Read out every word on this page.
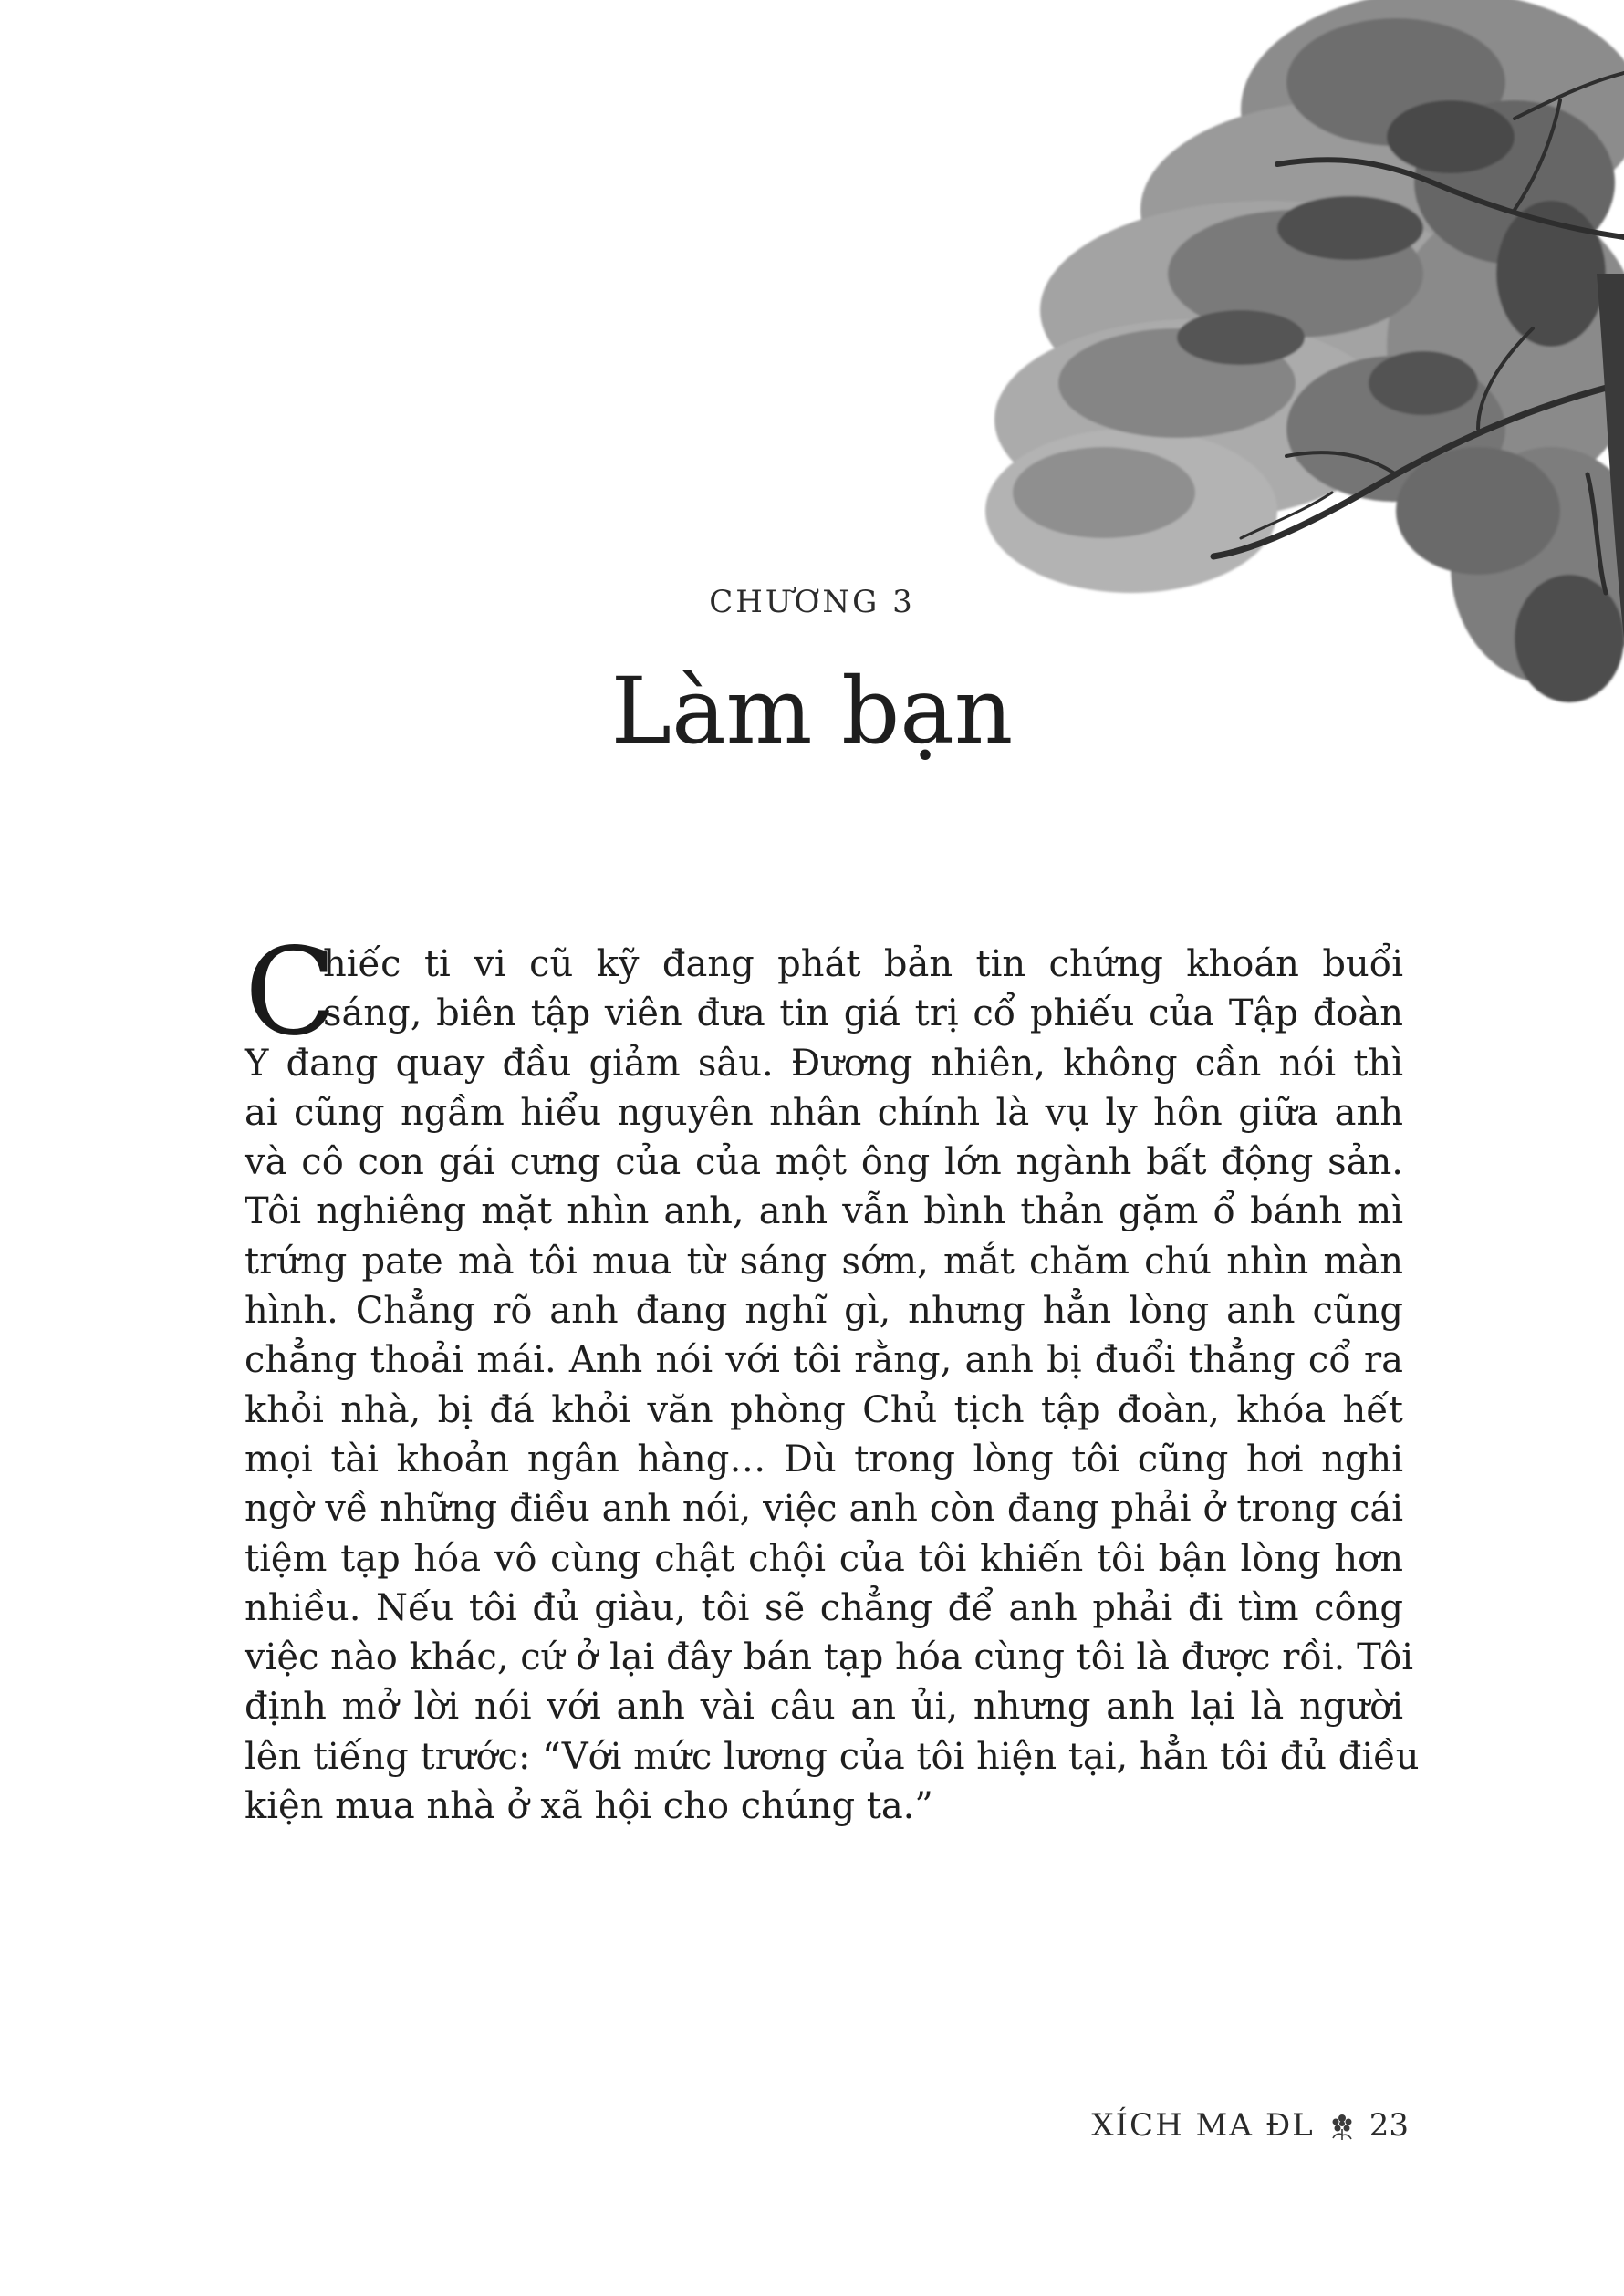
CHƯƠNG 3
Làm bạn
C
hiếc ti vi cũ kỹ đang phát bản tin chứng khoán buổi
sáng, biên tập viên đưa tin giá trị cổ phiếu của Tập đoàn
Y đang quay đầu giảm sâu. Đương nhiên, không cần nói thì
ai cũng ngầm hiểu nguyên nhân chính là vụ ly hôn giữa anh
và cô con gái cưng của của một ông lớn ngành bất động sản.
Tôi nghiêng mặt nhìn anh, anh vẫn bình thản gặm ổ bánh mì
trứng pate mà tôi mua từ sáng sớm, mắt chăm chú nhìn màn
hình. Chẳng rõ anh đang nghĩ gì, nhưng hẳn lòng anh cũng
chẳng thoải mái. Anh nói với tôi rằng, anh bị đuổi thẳng cổ ra
khỏi nhà, bị đá khỏi văn phòng Chủ tịch tập đoàn, khóa hết
mọi tài khoản ngân hàng… Dù trong lòng tôi cũng hơi nghi
ngờ về những điều anh nói, việc anh còn đang phải ở trong cái
tiệm tạp hóa vô cùng chật chội của tôi khiến tôi bận lòng hơn
nhiều. Nếu tôi đủ giàu, tôi sẽ chẳng để anh phải đi tìm công
việc nào khác, cứ ở lại đây bán tạp hóa cùng tôi là được rồi. Tôi
định mở lời nói với anh vài câu an ủi, nhưng anh lại là người
lên tiếng trước: “Với mức lương của tôi hiện tại, hẳn tôi đủ điều
kiện mua nhà ở xã hội cho chúng ta.”
XÍCH MA ĐL 23
